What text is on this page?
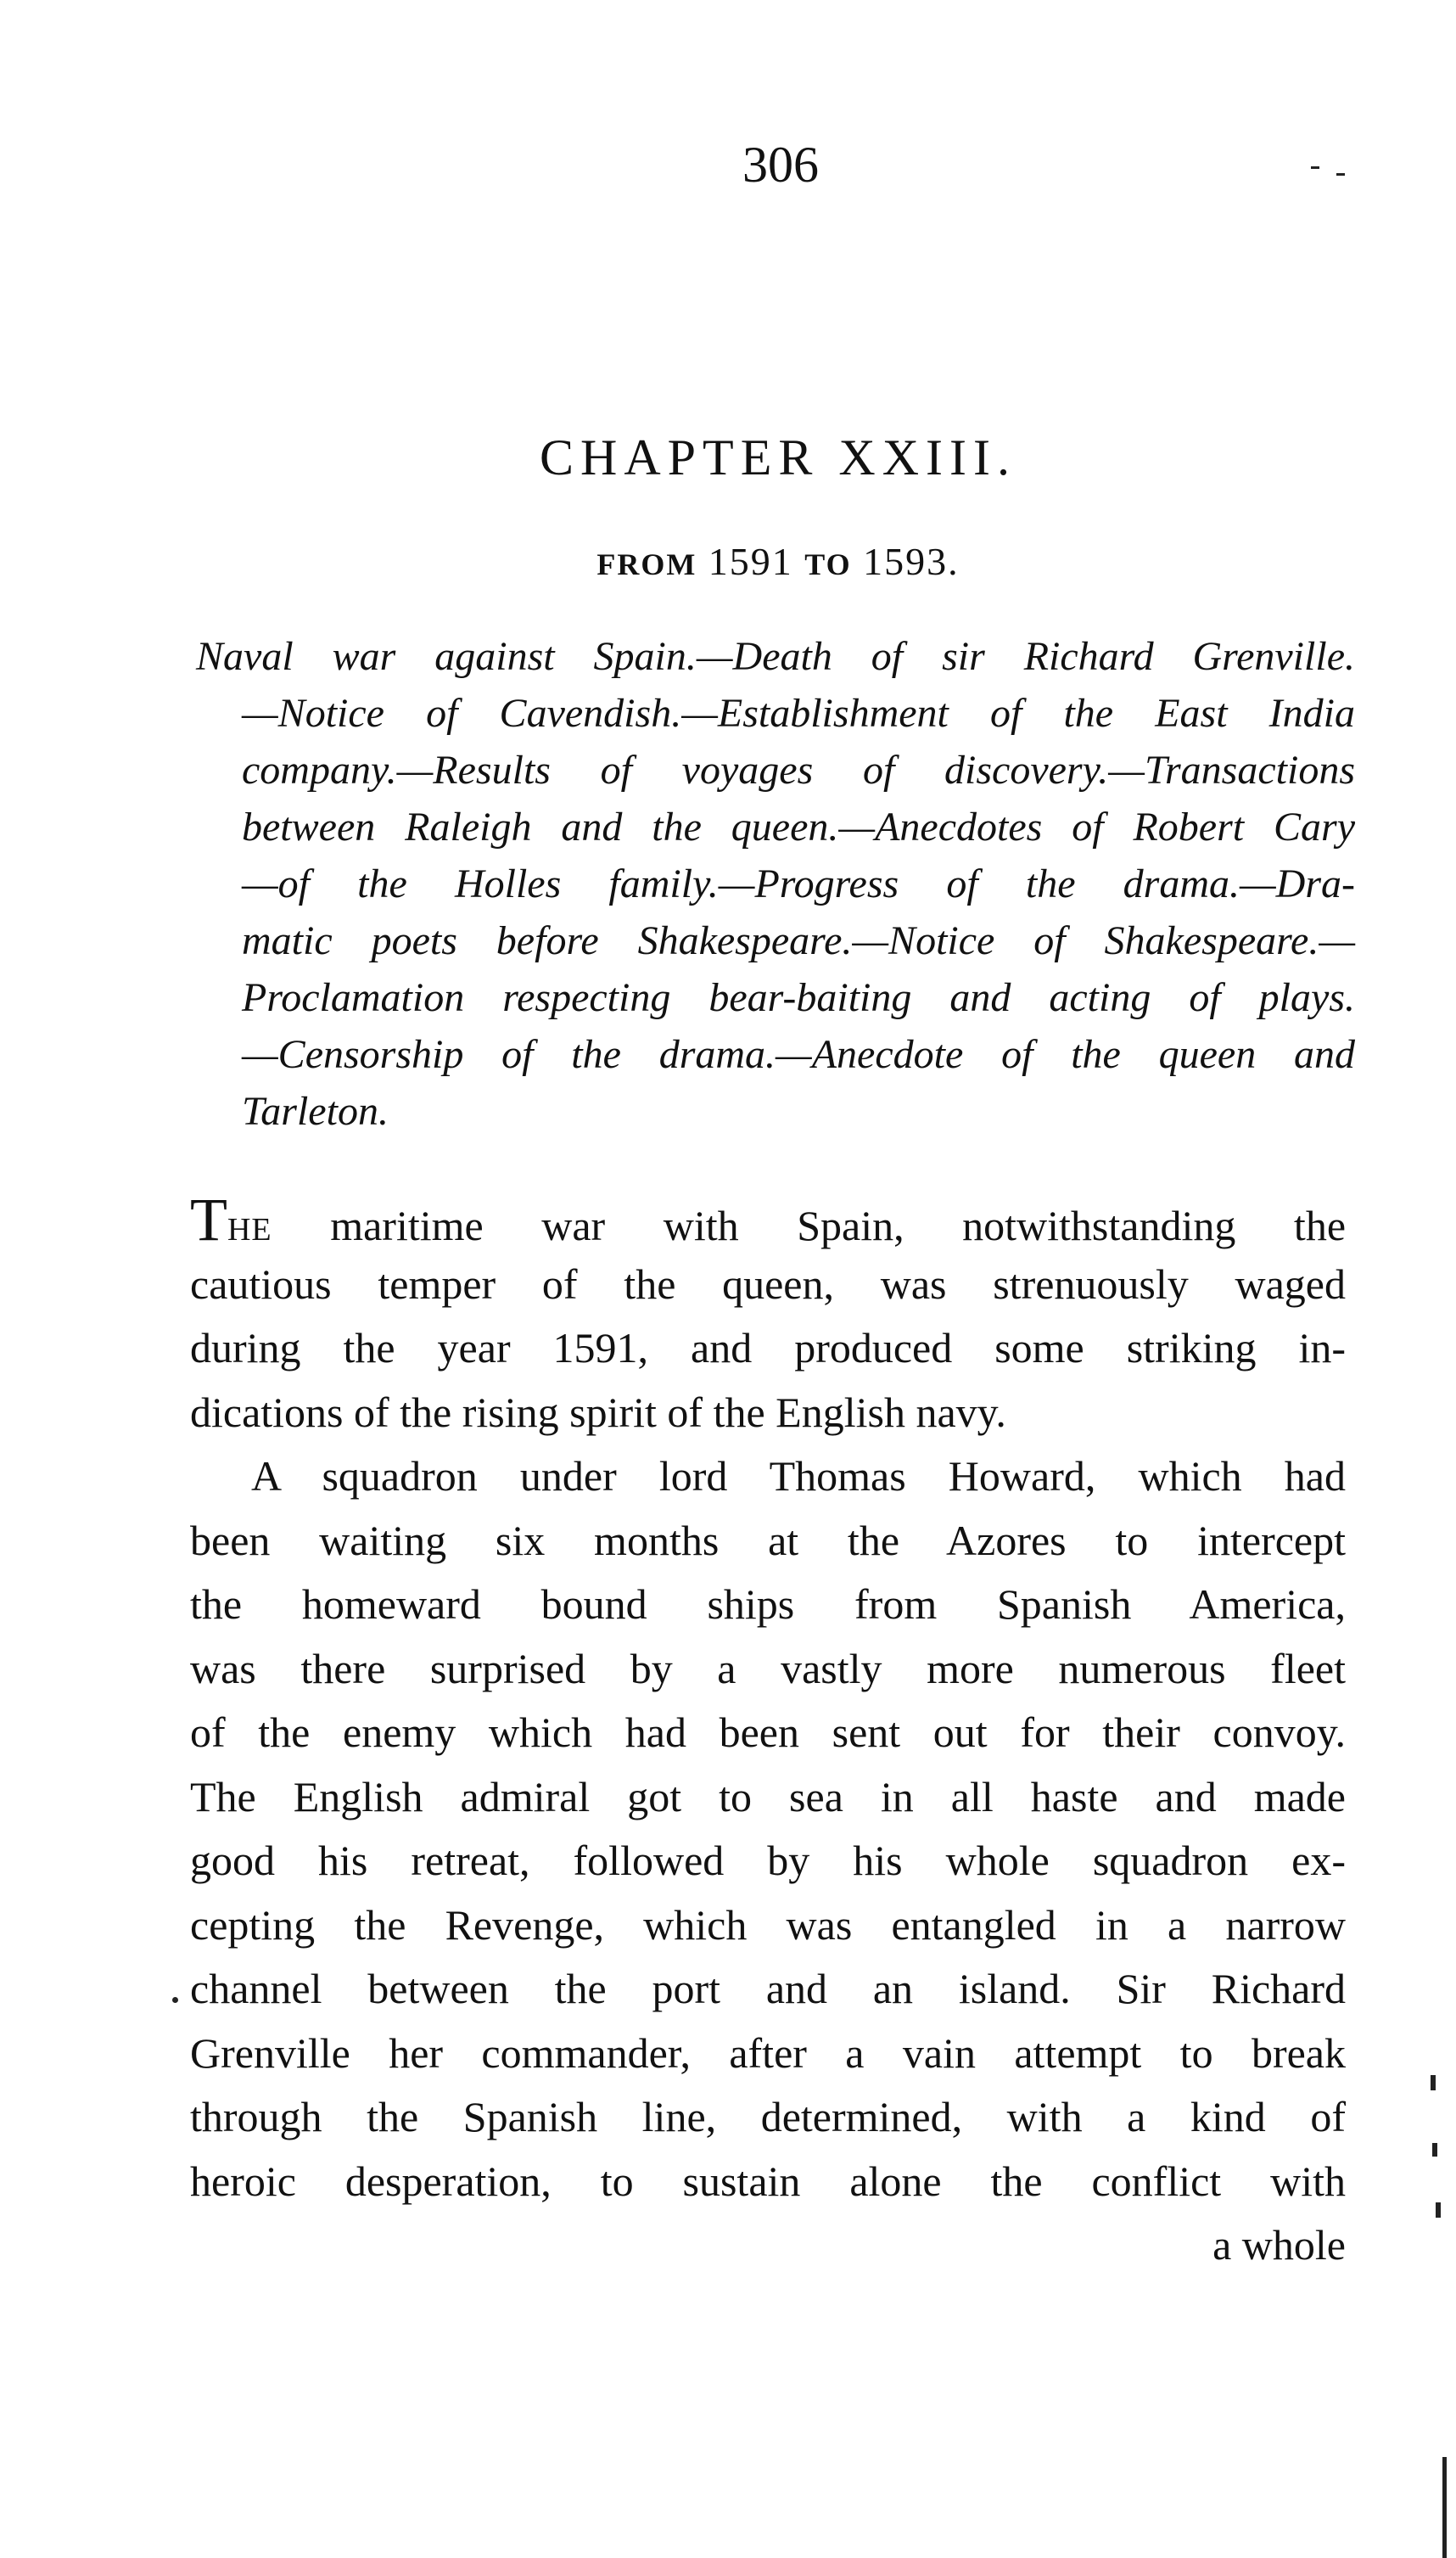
306
CHAPTER XXIII.
FROM 1591 TO 1593.
Naval war against Spain.—Death of sir Richard Grenville.
—Notice of Cavendish.—Establishment of the East India
company.—Results of voyages of discovery.—Transactions
between Raleigh and the queen.—Anecdotes of Robert Cary
—of the Holles family.—Progress of the drama.—Dra-
matic poets before Shakespeare.—Notice of Shakespeare.—
Proclamation respecting bear-baiting and acting of plays.
—Censorship of the drama.—Anecdote of the queen and
Tarleton.
THE maritime war with Spain, notwithstanding the
cautious temper of the queen, was strenuously waged
during the year 1591, and produced some striking in-
dications of the rising spirit of the English navy.
A squadron under lord Thomas Howard, which had
been waiting six months at the Azores to intercept
the homeward bound ships from Spanish America,
was there surprised by a vastly more numerous fleet
of the enemy which had been sent out for their convoy.
The English admiral got to sea in all haste and made
good his retreat, followed by his whole squadron ex-
cepting the Revenge, which was entangled in a narrow
channel between the port and an island. Sir Richard
Grenville her commander, after a vain attempt to break
through the Spanish line, determined, with a kind of
heroic desperation, to sustain alone the conflict with
a whole
